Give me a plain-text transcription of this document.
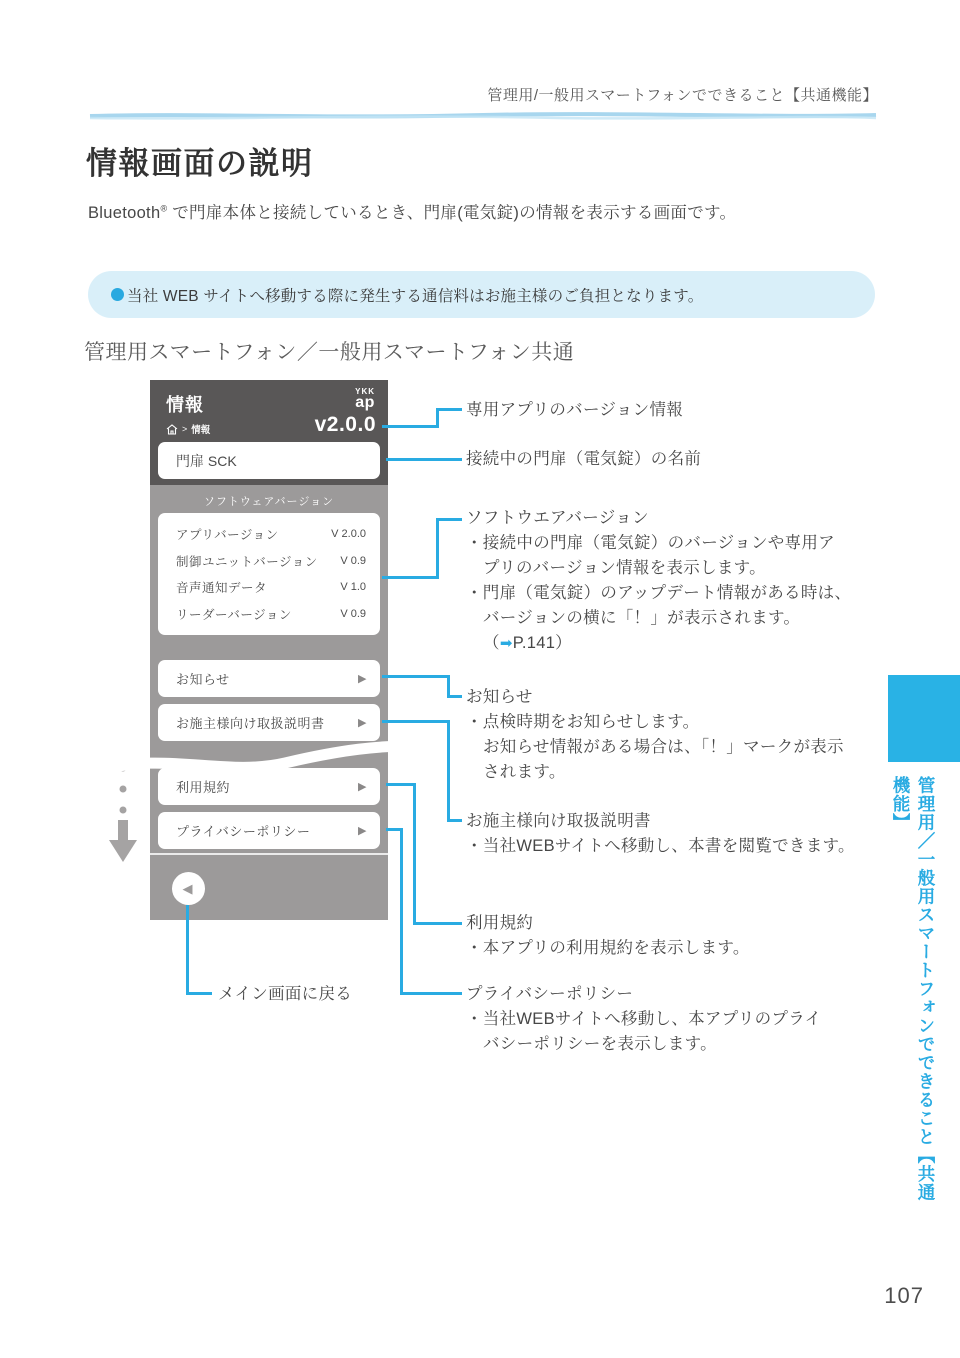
管理用/一般用スマートフォンでできること【共通機能】
情報画面の説明
Bluetooth® で門扉本体と接続しているとき、門扉(電気錠)の情報を表示する画面です。
当社 WEB サイトへ移動する際に発生する通信料はお施主様のご負担となります。
管理用スマートフォン／一般用スマートフォン共通
情報
YKK
ap
> 情報	v2.0.0
門扉 SCK
ソフトウェアバージョン
アプリバージョン	V 2.0.0
制御ユニットバージョン V 0.9
音声通知データ	V 1.0
リーダーバージョン	V 0.9
お知らせ	▶
お施主様向け取扱説明書	▶
利用規約	▶
プライバシーポリシー	▶
◀
専用アプリのバージョン情報
接続中の門扉（電気錠）の名前
ソフトウエアバージョン
・接続中の門扉（電気錠）のバージョンや専用ア
プリのバージョン情報を表示します。
・門扉（電気錠）のアップデート情報がある時は、
バージョンの横に「！」が表示されます。
（➡P.141）
お知らせ
・点検時期をお知らせします。
お知らせ情報がある場合は、「！」マークが表示
されます。
お施主様向け取扱説明書
・当社WEBサイトへ移動し、本書を閲覧できます。
利用規約
・本アプリの利用規約を表示します。
プライバシーポリシー
・当社WEBサイトへ移動し、本アプリのプライ
バシーポリシーを表示します。
メイン画面に戻る	管理用／一般用スマートフォンでできること【共通機能】
107
